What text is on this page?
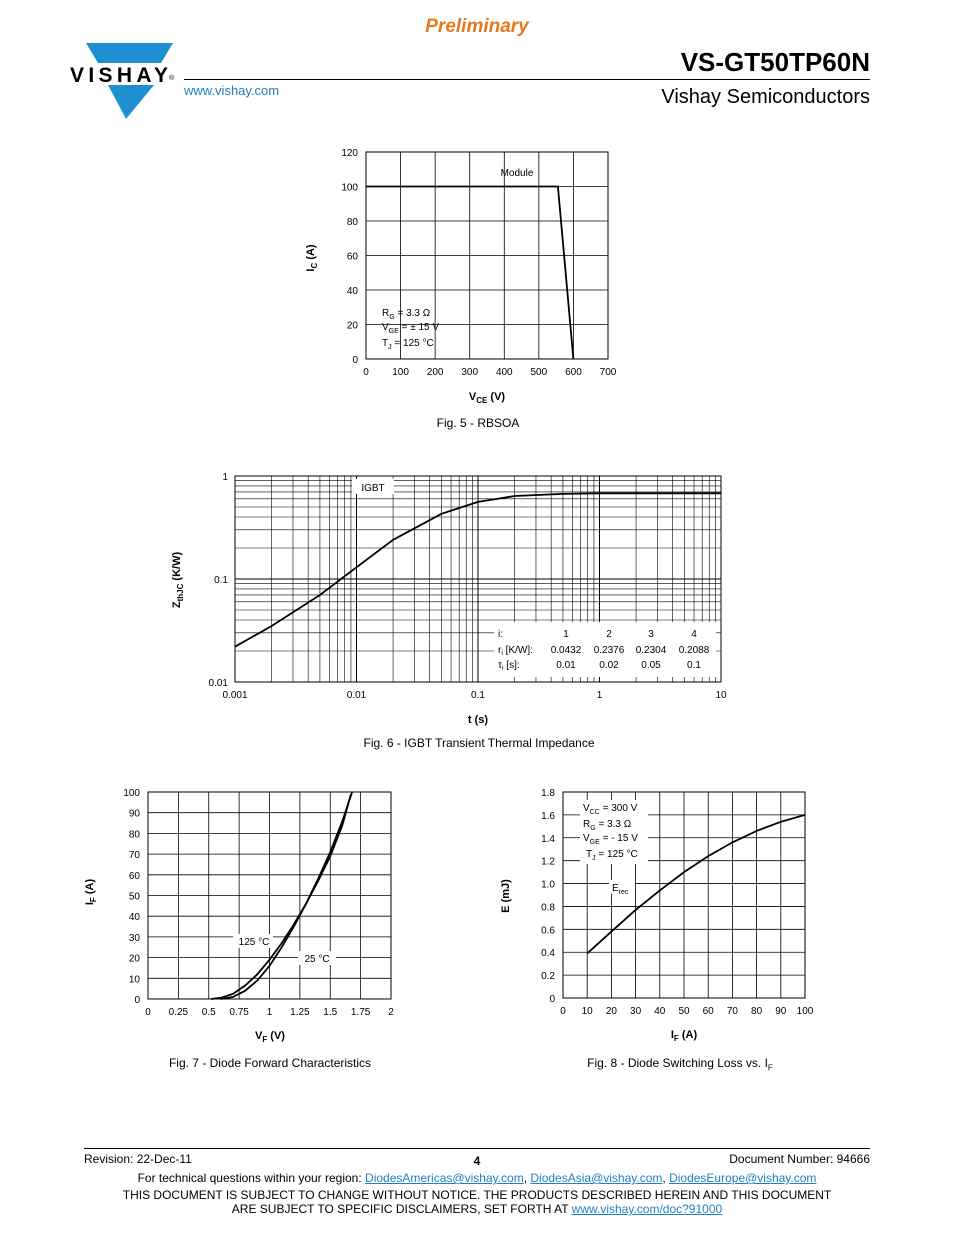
Preliminary
VISHAY ®
www.vishay.com
VS-GT50TP60N
Vishay Semiconductors
0 100 200 300 400 500 600 700
0
20
40
60
80
100
120
Module
$R_G = 3.3$ Ω
$V_{GE}$ = ± 15 V
$T_J = 125$ °C
$V_{CE}$ (V)
$I_C$ (A)
Fig. 5 - RBSOA
IGBT
0.001	0.01	0.1	1	10
0.01
0.1
1
i:	1	2	3	4
$r_i$ [K/W]: 0.0432 0.2376 0.2304 0.2088
$\tau_i$ [s]:	0.01 0.02 0.05	0.1
t (s)
$Z_{thJC}$ (K/W)
Fig. 6 - IGBT Transient Thermal Impedance
0 0.25 0.5 0.75 1 1.25 1.5 1.75 2
0
10
20
30
40
50
60
70
80
90
100
125 °C
25 °C
$V_F$ (V)
$I_F$ (A)
Fig. 7 - Diode Forward Characteristics
0 10 20 30 40 50 60 70 80 90 100
0
0.2
0.4
0.6
0.8
1.0
1.2
1.4
1.6
1.8
$V_{CC} = 300$ V
$R_G = 3.3$ Ω
$V_{GE}$ = - 15 V
$T_J = 125$ °C
$E_{rec}$
$I_F$ (A)
E (mJ)
Fig. 8 - Diode Switching Loss vs. $I_F$
Revision: 22-Dec-11	4	Document Number: 94666
For technical questions within your region: DiodesAmericas@vishay.com, DiodesAsia@vishay.com, DiodesEurope@vishay.com
THIS DOCUMENT IS SUBJECT TO CHANGE WITHOUT NOTICE. THE PRODUCTS DESCRIBED HEREIN AND THIS DOCUMENT
ARE SUBJECT TO SPECIFIC DISCLAIMERS, SET FORTH AT www.vishay.com/doc?91000
